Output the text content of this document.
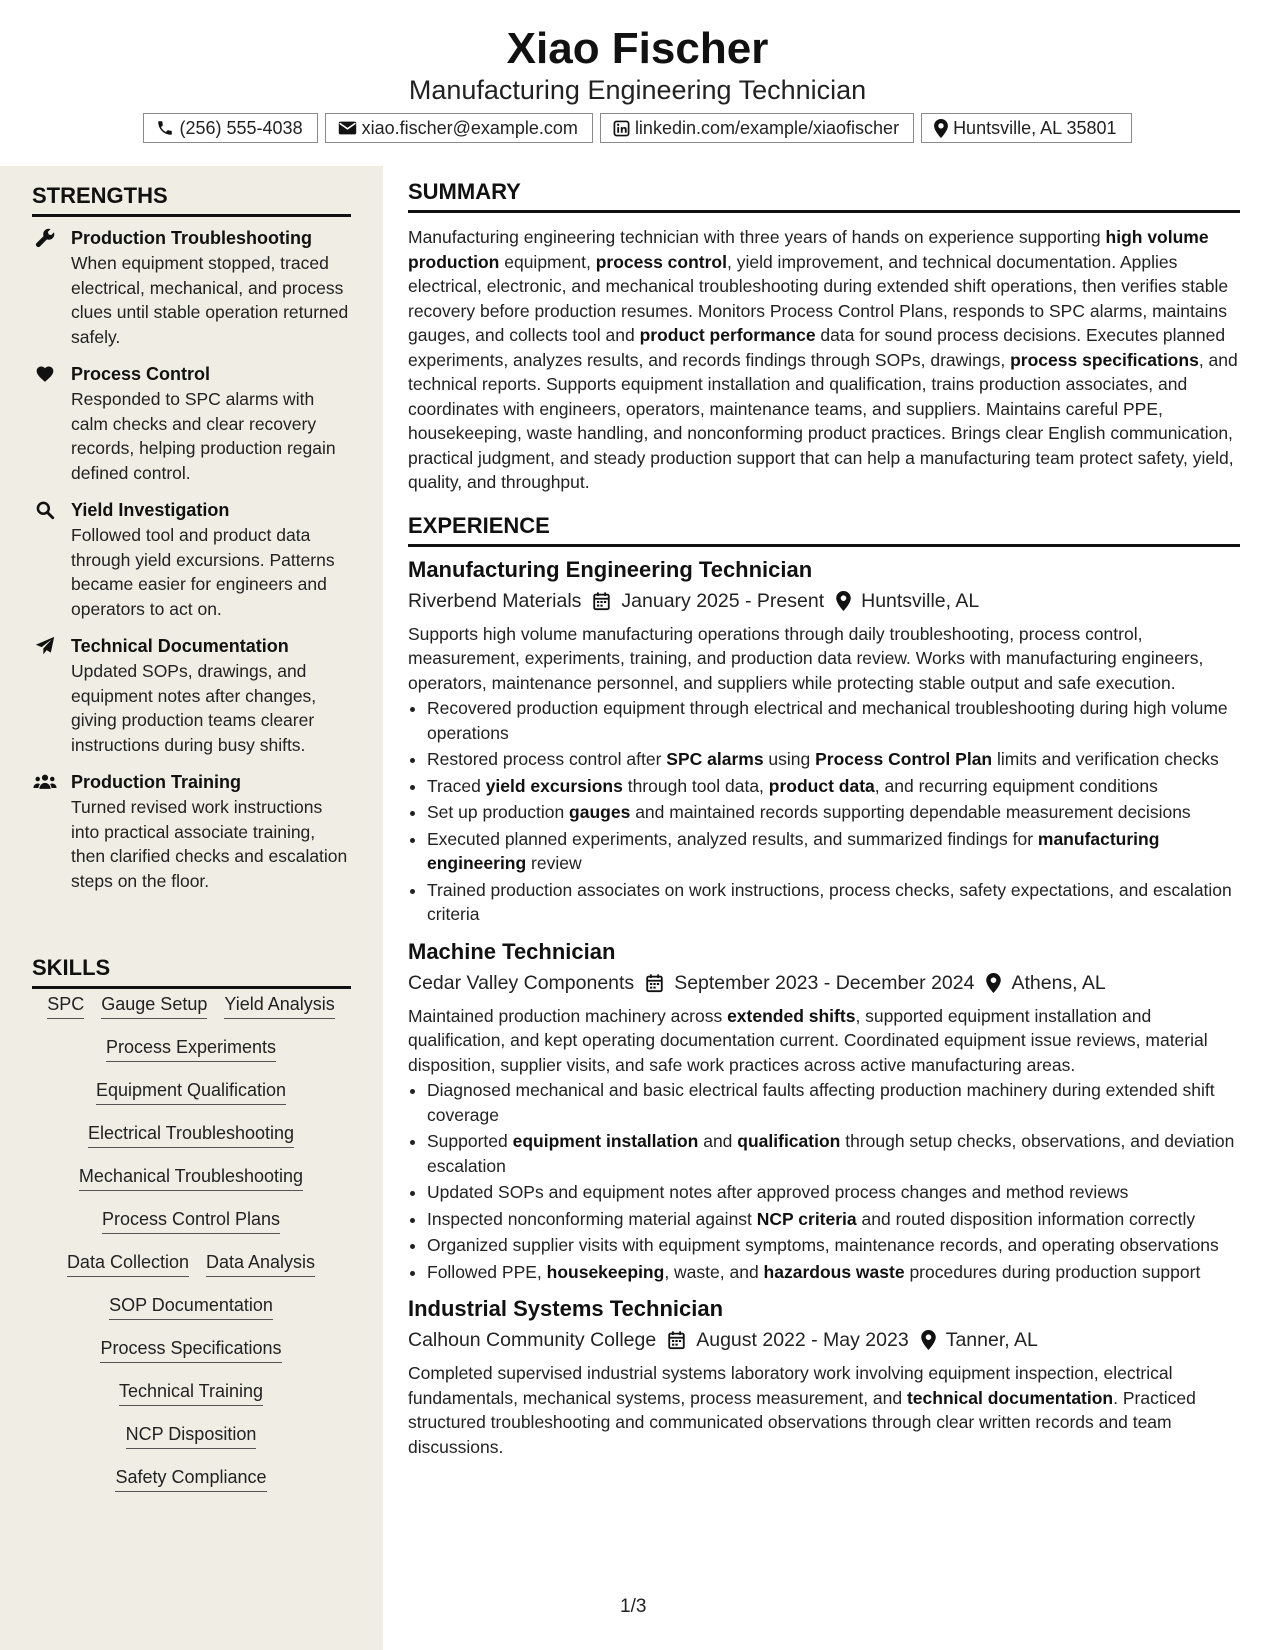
Xiao Fischer
Manufacturing Engineering Technician
(256) 555-4038	xiao.fischer@example.com	linkedin.com/example/xiaofischer	Huntsville, AL 35801
STRENGTHS
Production Troubleshooting
When equipment stopped, traced electrical, mechanical, and process clues until stable operation returned safely.
Process Control
Responded to SPC alarms with calm checks and clear recovery records, helping production regain defined control.
Yield Investigation
Followed tool and product data through yield excursions. Patterns became easier for engineers and operators to act on.
Technical Documentation
Updated SOPs, drawings, and equipment notes after changes, giving production teams clearer instructions during busy shifts.
Production Training
Turned revised work instructions into practical associate training, then clarified checks and escalation steps on the floor.
SKILLS
SPC Gauge Setup Yield Analysis
Process Experiments
Equipment Qualification
Electrical Troubleshooting
Mechanical Troubleshooting
Process Control Plans
Data Collection Data Analysis
SOP Documentation
Process Specifications
Technical Training
NCP Disposition
Safety Compliance
SUMMARY

Manufacturing engineering technician with three years of hands on experience supporting high volume production equipment, process control, yield improvement, and technical documentation. Applies electrical, electronic, and mechanical troubleshooting during extended shift operations, then verifies stable recovery before production resumes. Monitors Process Control Plans, responds to SPC alarms, maintains gauges, and collects tool and product performance data for sound process decisions. Executes planned experiments, analyzes results, and records findings through SOPs, drawings, process specifications, and technical reports. Supports equipment installation and qualification, trains production associates, and coordinates with engineers, operators, maintenance teams, and suppliers. Maintains careful PPE, housekeeping, waste handling, and nonconforming product practices. Brings clear English communication, practical judgment, and steady production support that can help a manufacturing team protect safety, yield, quality, and throughput.

EXPERIENCE
Manufacturing Engineering Technician
Riverbend Materials January 2025 - Present Huntsville, AL

Supports high volume manufacturing operations through daily troubleshooting, process control, measurement, experiments, training, and production data review. Works with manufacturing engineers, operators, maintenance personnel, and suppliers while protecting stable output and safe execution.

• Recovered production equipment through electrical and mechanical troubleshooting during high volume operations
• Restored process control after SPC alarms using Process Control Plan limits and verification checks
• Traced yield excursions through tool data, product data, and recurring equipment conditions
• Set up production gauges and maintained records supporting dependable measurement decisions
• Executed planned experiments, analyzed results, and summarized findings for manufacturing engineering review
• Trained production associates on work instructions, process checks, safety expectations, and escalation criteria
Machine Technician
Cedar Valley Components September 2023 - December 2024 Athens, AL

Maintained production machinery across extended shifts, supported equipment installation and qualification, and kept operating documentation current. Coordinated equipment issue reviews, material disposition, supplier visits, and safe work practices across active manufacturing areas.

• Diagnosed mechanical and basic electrical faults affecting production machinery during extended shift coverage
• Supported equipment installation and qualification through setup checks, observations, and deviation escalation
• Updated SOPs and equipment notes after approved process changes and method reviews
• Inspected nonconforming material against NCP criteria and routed disposition information correctly
• Organized supplier visits with equipment symptoms, maintenance records, and operating observations
• Followed PPE, housekeeping, waste, and hazardous waste procedures during production support
Industrial Systems Technician
Calhoun Community College August 2022 - May 2023 Tanner, AL

Completed supervised industrial systems laboratory work involving equipment inspection, electrical fundamentals, mechanical systems, process measurement, and technical documentation. Practiced structured troubleshooting and communicated observations through clear written records and team discussions.

1/3
